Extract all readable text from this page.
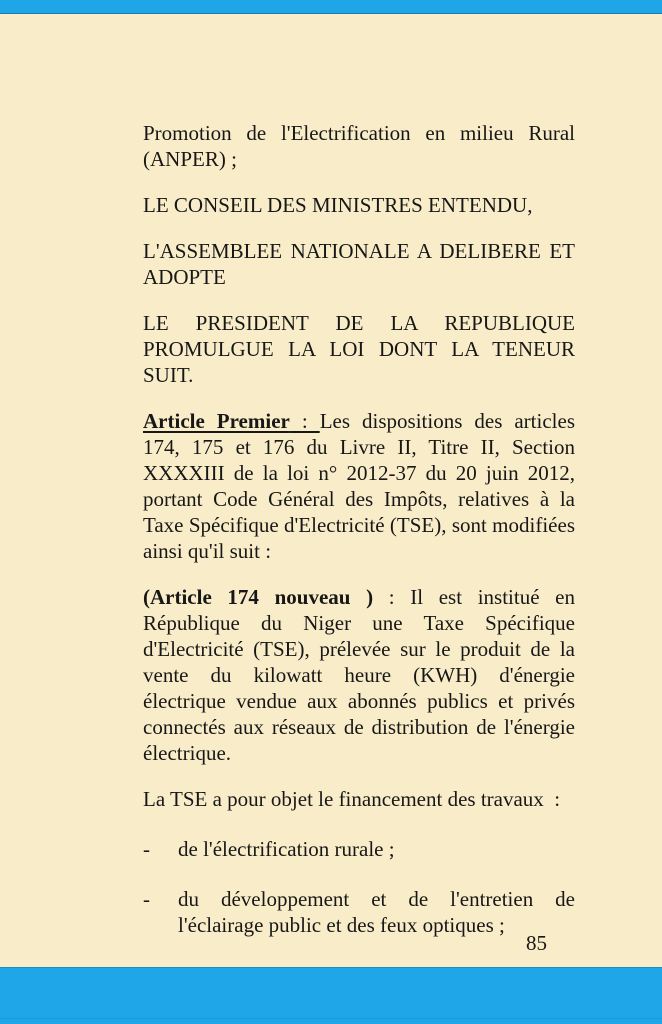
Promotion de l'Electrification en milieu Rural (ANPER) ;

LE CONSEIL DES MINISTRES ENTENDU,

L'ASSEMBLEE NATIONALE A DELIBERE ET ADOPTE

LE PRESIDENT DE LA REPUBLIQUE PROMULGUE LA LOI DONT LA TENEUR SUIT.

Article Premier : Les dispositions des articles 174, 175 et 176 du Livre II, Titre II, Section XXXXIII de la loi n° 2012-37 du 20 juin 2012, portant Code Général des Impôts, relatives à la Taxe Spécifique d'Electricité (TSE), sont modifiées ainsi qu'il suit :

(Article 174 nouveau ) : Il est institué en République du Niger une Taxe Spécifique d'Electricité (TSE), prélevée sur le produit de la vente du kilowatt heure (KWH) d'énergie électrique vendue aux abonnés publics et privés connectés aux réseaux de distribution de l'énergie électrique.

La TSE a pour objet le financement des travaux  :

-	de l'électrification rurale ;
-	du développement et de l'entretien de l'éclairage public et des feux optiques ;
85
